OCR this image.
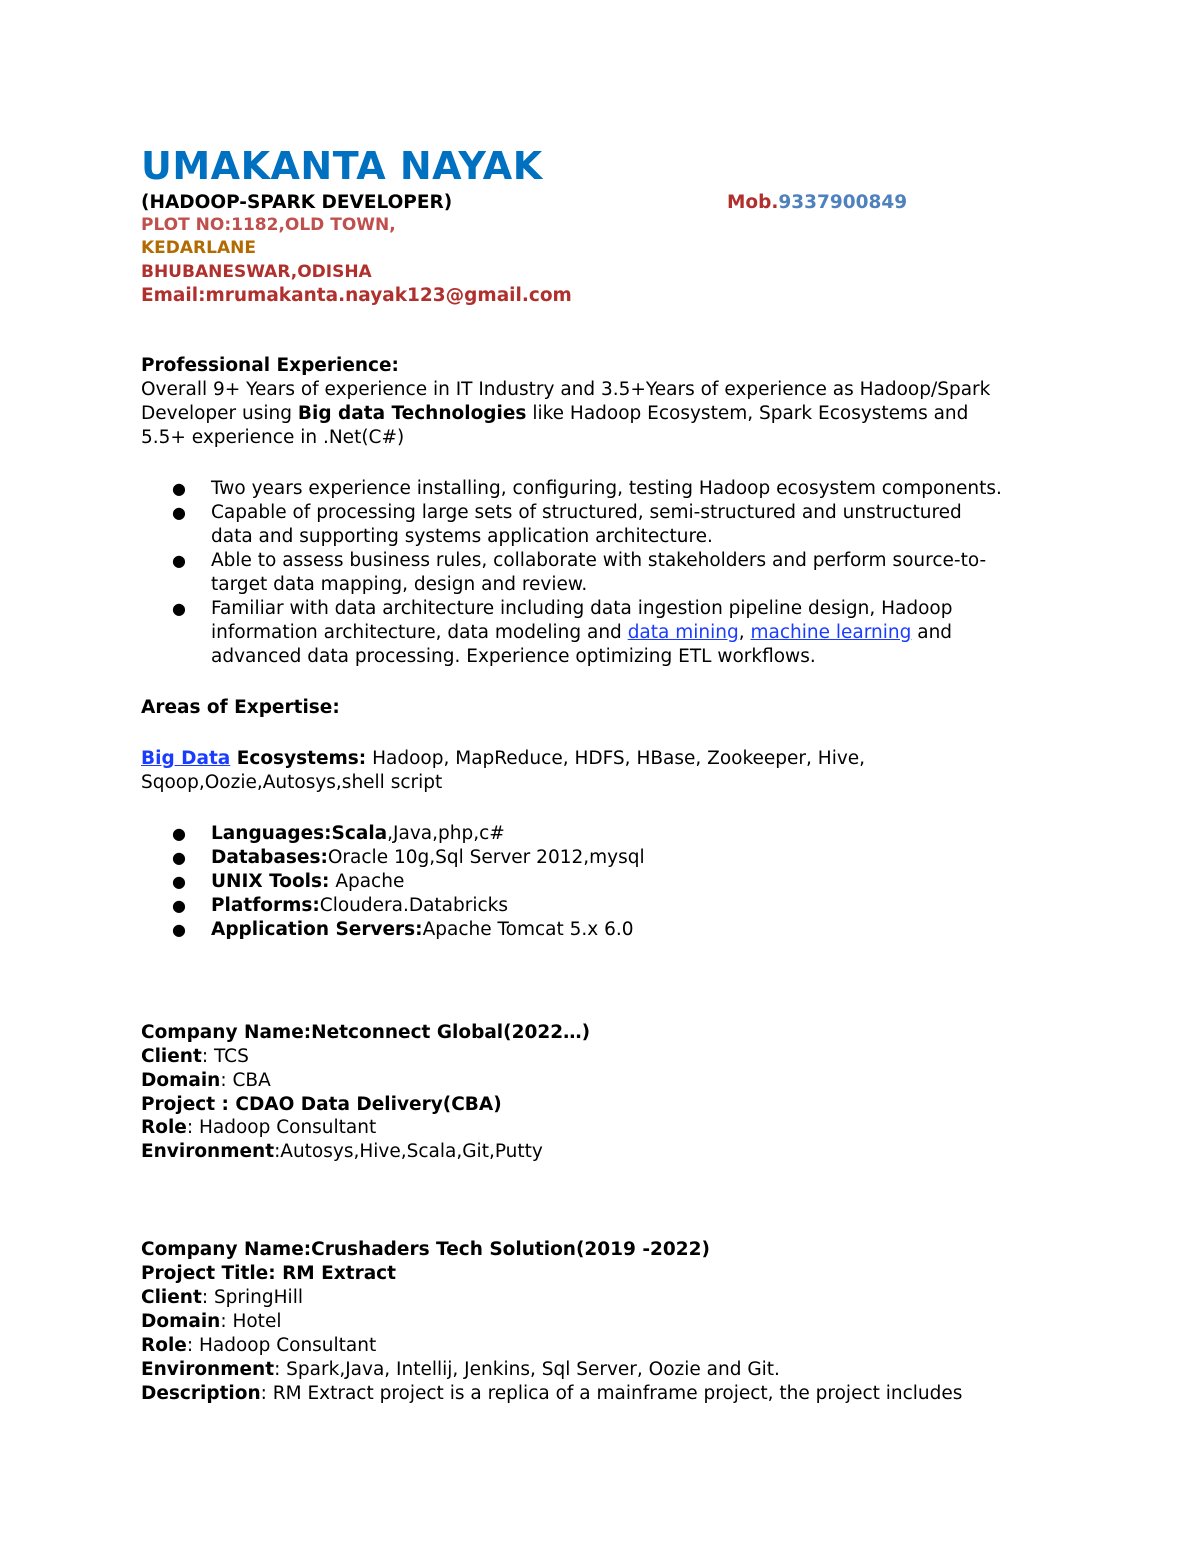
UMAKANTA NAYAK
(HADOOP-SPARK DEVELOPER)	Mob.9337900849
PLOT NO:1182,OLD TOWN,
KEDARLANE
BHUBANESWAR,ODISHA
Email:mrumakanta.nayak123@gmail.com
Professional Experience:
Overall 9+ Years of experience in IT Industry and 3.5+Years of experience as Hadoop/Spark
Developer using Big data Technologies like Hadoop Ecosystem, Spark Ecosystems and
5.5+ experience in .Net(C#)
● Two years experience installing, configuring, testing Hadoop ecosystem components.
● Capable of processing large sets of structured, semi-structured and unstructured
data and supporting systems application architecture.
● Able to assess business rules, collaborate with stakeholders and perform source-to-
target data mapping, design and review.
● Familiar with data architecture including data ingestion pipeline design, Hadoop
information architecture, data modeling and data mining, machine learning and
advanced data processing. Experience optimizing ETL workflows.
Areas of Expertise:
Big Data Ecosystems: Hadoop, MapReduce, HDFS, HBase, Zookeeper, Hive,
Sqoop,Oozie,Autosys,shell script
● Languages:Scala,Java,php,c#
● Databases:Oracle 10g,Sql Server 2012,mysql
● UNIX Tools: Apache
● Platforms:Cloudera.Databricks
● Application Servers:Apache Tomcat 5.x 6.0
Company Name:Netconnect Global(2022…)
Client: TCS
Domain: CBA
Project : CDAO Data Delivery(CBA)
Role: Hadoop Consultant
Environment:Autosys,Hive,Scala,Git,Putty
Company Name:Crushaders Tech Solution(2019 -2022)
Project Title: RM Extract
Client: SpringHill
Domain: Hotel
Role: Hadoop Consultant
Environment: Spark,Java, Intellij, Jenkins, Sql Server, Oozie and Git.
Description: RM Extract project is a replica of a mainframe project, the project includes
